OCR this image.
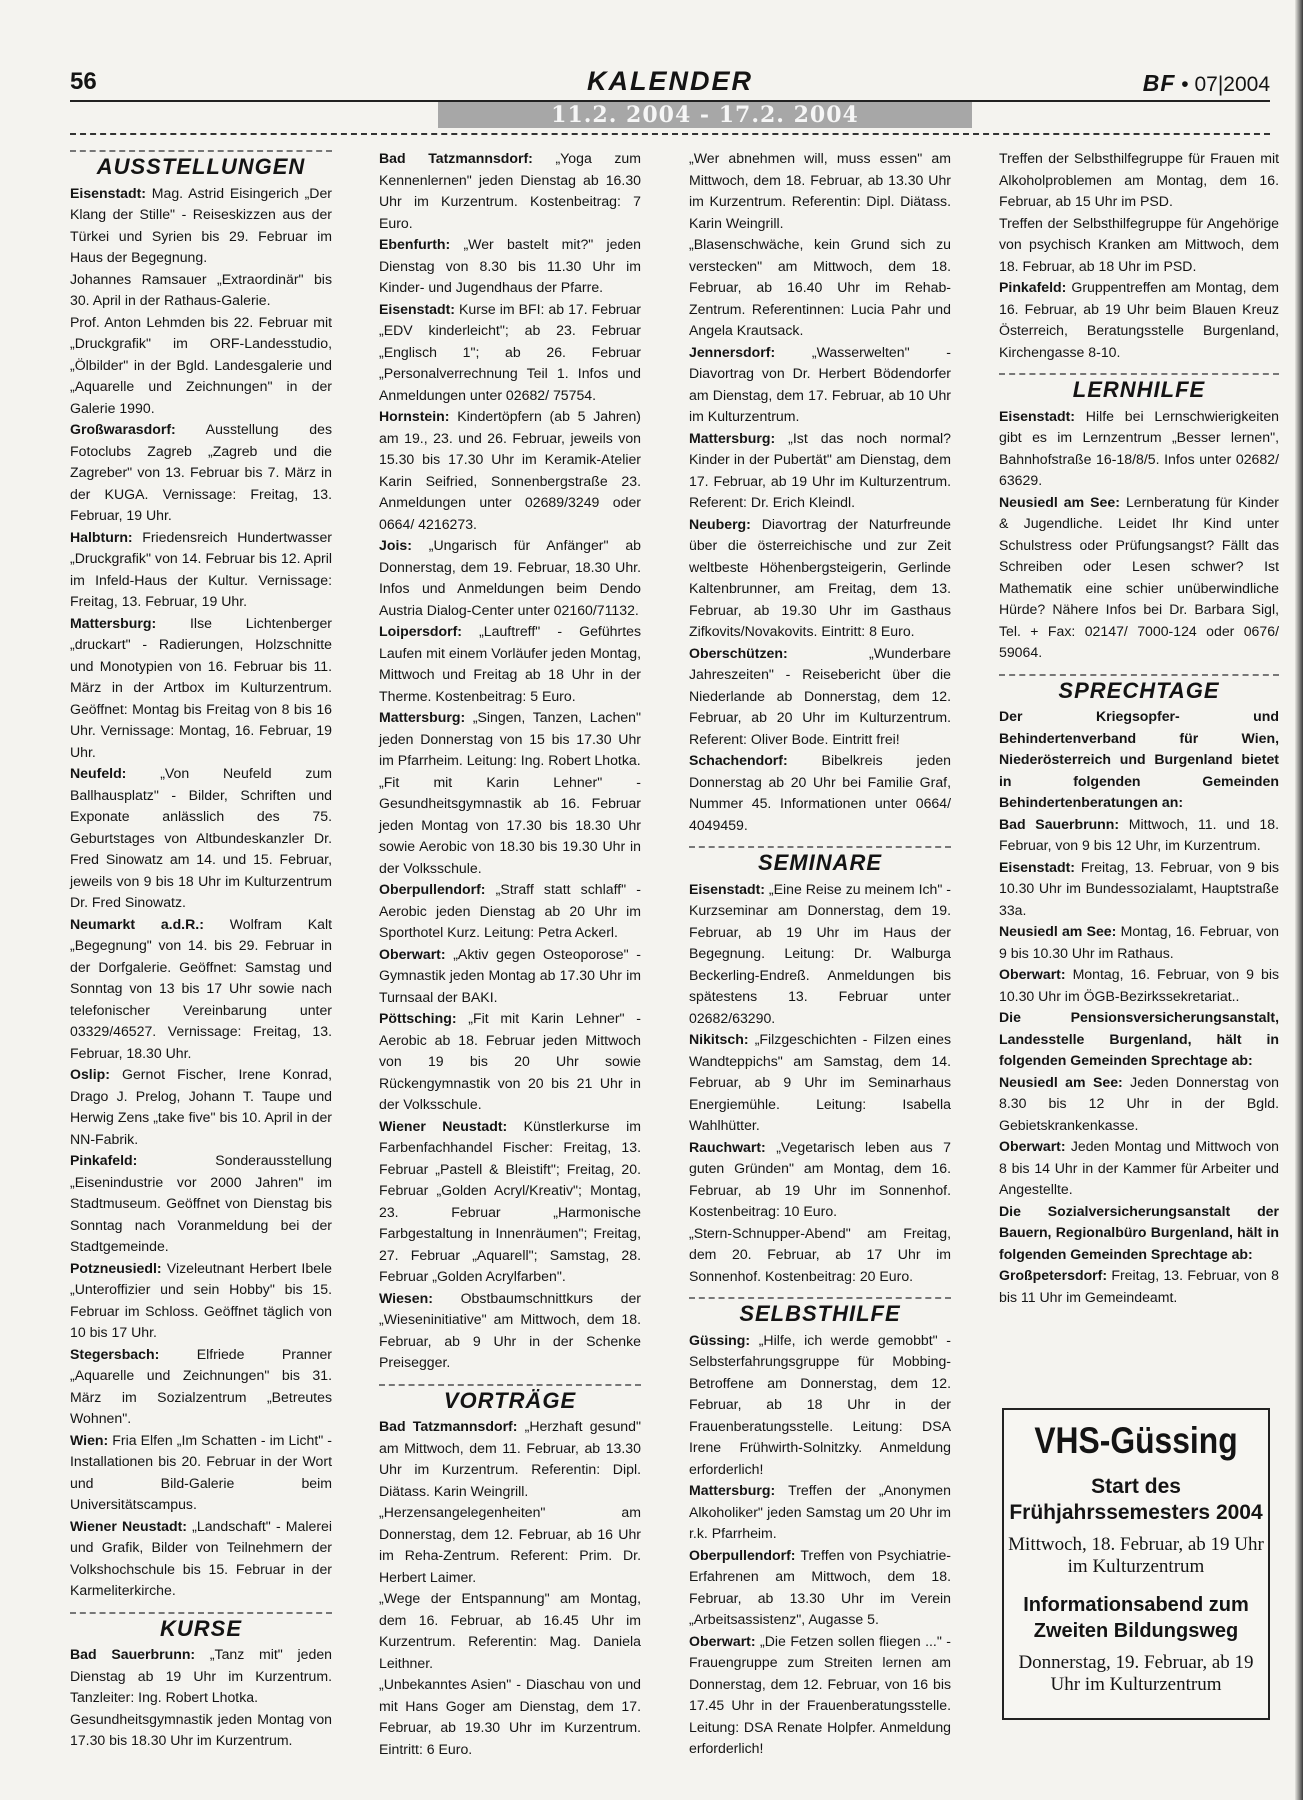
56	KALENDER	BF • 07|2004
11.2. 2004 - 17.2. 2004
AUSSTELLUNGEN

Eisenstadt: Mag. Astrid Eisingerich „Der Klang der Stille" - Reiseskizzen aus der Türkei und Syrien bis 29. Februar im Haus der Begegnung.

Johannes Ramsauer „Extraordinär" bis 30. April in der Rathaus-Galerie.

Prof. Anton Lehmden bis 22. Februar mit „Druckgrafik" im ORF-Landesstudio, „Ölbilder" in der Bgld. Landesgalerie und „Aquarelle und Zeichnungen" in der Galerie 1990.

Großwarasdorf: Ausstellung des Fotoclubs Zagreb „Zagreb und die Zagreber" von 13. Februar bis 7. März in der KUGA. Vernissage: Freitag, 13. Februar, 19 Uhr.

Halbturn: Friedensreich Hundertwasser „Druckgrafik" von 14. Februar bis 12. April im Infeld-Haus der Kultur. Vernissage: Freitag, 13. Februar, 19 Uhr.

Mattersburg: Ilse Lichtenberger „druckart" - Radierungen, Holzschnitte und Monotypien von 16. Februar bis 11. März in der Artbox im Kulturzentrum. Geöffnet: Montag bis Freitag von 8 bis 16 Uhr. Vernissage: Montag, 16. Februar, 19 Uhr.

Neufeld: „Von Neufeld zum Ballhausplatz" - Bilder, Schriften und Exponate anlässlich des 75. Geburtstages von Altbundeskanzler Dr. Fred Sinowatz am 14. und 15. Februar, jeweils von 9 bis 18 Uhr im Kulturzentrum Dr. Fred Sinowatz.

Neumarkt a.d.R.: Wolfram Kalt „Begegnung" von 14. bis 29. Februar in der Dorfgalerie. Geöffnet: Samstag und Sonntag von 13 bis 17 Uhr sowie nach telefonischer Vereinbarung unter 03329/46527. Vernissage: Freitag, 13. Februar, 18.30 Uhr.

Oslip: Gernot Fischer, Irene Konrad, Drago J. Prelog, Johann T. Taupe und Herwig Zens „take five" bis 10. April in der NN-Fabrik.

Pinkafeld:	Sonderausstellung „Eisenindustrie vor 2000 Jahren" im Stadtmuseum. Geöffnet von Dienstag bis Sonntag nach Voranmeldung bei der Stadtgemeinde.

Potzneusiedl: Vizeleutnant Herbert Ibele „Unteroffizier und sein Hobby" bis 15. Februar im Schloss. Geöffnet täglich von 10 bis 17 Uhr.

Stegersbach:	Elfriede Pranner „Aquarelle und Zeichnungen" bis 31. März im Sozialzentrum „Betreutes Wohnen".

Wien: Fria Elfen „Im Schatten - im Licht" - Installationen bis 20. Februar in der Wort und Bild-Galerie beim Universitätscampus.

Wiener Neustadt: „Landschaft" - Malerei und Grafik, Bilder von Teilnehmern der Volkshochschule bis 15. Februar in der Karmeliterkirche.

KURSE

Bad Sauerbrunn: „Tanz mit" jeden Dienstag ab 19 Uhr im Kurzentrum. Tanzleiter: Ing. Robert Lhotka.

Gesundheitsgymnastik jeden Montag von 17.30 bis 18.30 Uhr im Kurzentrum.

Bad Tatzmannsdorf: „Yoga zum Kennenlernen" jeden Dienstag ab 16.30 Uhr im Kurzentrum. Kostenbeitrag: 7 Euro.

Ebenfurth: „Wer bastelt mit?" jeden Dienstag von 8.30 bis 11.30 Uhr im Kinder- und Jugendhaus der Pfarre.

Eisenstadt: Kurse im BFI: ab 17. Februar „EDV kinderleicht"; ab 23. Februar „Englisch 1"; ab 26. Februar „Personalverrechnung Teil 1. Infos und Anmeldungen unter 02682/ 75754.

Hornstein: Kindertöpfern (ab 5 Jahren) am 19., 23. und 26. Februar, jeweils von 15.30 bis 17.30 Uhr im Keramik-Atelier Karin Seifried, Sonnenbergstraße 23. Anmeldungen unter 02689/3249 oder 0664/ 4216273.

Jois: „Ungarisch für Anfänger" ab Donnerstag, dem 19. Februar, 18.30 Uhr. Infos und Anmeldungen beim Dendo Austria Dialog-Center unter 02160/71132.

Loipersdorf: „Lauftreff" - Geführtes Laufen mit einem Vorläufer jeden Montag, Mittwoch und Freitag ab 18 Uhr in der Therme. Kostenbeitrag: 5 Euro.

Mattersburg: „Singen, Tanzen, Lachen" jeden Donnerstag von 15 bis 17.30 Uhr im Pfarrheim. Leitung: Ing. Robert Lhotka.

„Fit mit Karin Lehner" - Gesundheitsgymnastik ab 16. Februar jeden Montag von 17.30 bis 18.30 Uhr sowie Aerobic von 18.30 bis 19.30 Uhr in der Volksschule.

Oberpullendorf: „Straff statt schlaff" - Aerobic jeden Dienstag ab 20 Uhr im Sporthotel Kurz. Leitung: Petra Ackerl.

Oberwart: „Aktiv gegen Osteoporose" - Gymnastik jeden Montag ab 17.30 Uhr im Turnsaal der BAKI.

Pöttsching: „Fit mit Karin Lehner" - Aerobic ab 18. Februar jeden Mittwoch von 19 bis 20 Uhr sowie Rückengymnastik von 20 bis 21 Uhr in der Volksschule.

Wiener Neustadt: Künstlerkurse im Farbenfachhandel Fischer: Freitag, 13. Februar „Pastell & Bleistift"; Freitag, 20. Februar „Golden Acryl/Kreativ"; Montag, 23. Februar „Harmonische Farbgestaltung in Innenräumen"; Freitag, 27. Februar „Aquarell"; Samstag, 28. Februar „Golden Acrylfarben".

Wiesen: Obstbaumschnittkurs der „Wieseninitiative" am Mittwoch, dem 18. Februar, ab 9 Uhr in der Schenke Preisegger.

VORTRÄGE

Bad Tatzmannsdorf: „Herzhaft gesund" am Mittwoch, dem 11. Februar, ab 13.30 Uhr im Kurzentrum. Referentin: Dipl. Diätass. Karin Weingrill.

„Herzensangelegenheiten" am Donnerstag, dem 12. Februar, ab 16 Uhr im Reha-Zentrum. Referent: Prim. Dr. Herbert Laimer.

„Wege der Entspannung" am Montag, dem 16. Februar, ab 16.45 Uhr im Kurzentrum. Referentin: Mag. Daniela Leithner.

„Unbekanntes Asien" - Diaschau von und mit Hans Goger am Dienstag, dem 17. Februar, ab 19.30 Uhr im Kurzentrum. Eintritt: 6 Euro.

„Wer abnehmen will, muss essen" am Mittwoch, dem 18. Februar, ab 13.30 Uhr im Kurzentrum. Referentin: Dipl. Diätass. Karin Weingrill.

„Blasenschwäche, kein Grund sich zu verstecken" am Mittwoch, dem 18. Februar, ab 16.40 Uhr im Rehab-Zentrum. Referentinnen: Lucia Pahr und Angela Krautsack.

Jennersdorf:	„Wasserwelten" - Diavortrag von Dr. Herbert Bödendorfer am Dienstag, dem 17. Februar, ab 10 Uhr im Kulturzentrum.

Mattersburg: „Ist das noch normal? Kinder in der Pubertät" am Dienstag, dem 17. Februar, ab 19 Uhr im Kulturzentrum. Referent: Dr. Erich Kleindl.

Neuberg: Diavortrag der Naturfreunde über die österreichische und zur Zeit weltbeste Höhenbergsteigerin, Gerlinde Kaltenbrunner, am Freitag, dem 13. Februar, ab 19.30 Uhr im Gasthaus Zifkovits/Novakovits. Eintritt: 8 Euro.

Oberschützen:	„Wunderbare Jahreszeiten" - Reisebericht über die Niederlande ab Donnerstag, dem 12. Februar, ab 20 Uhr im Kulturzentrum. Referent: Oliver Bode. Eintritt frei!

Schachendorf: Bibelkreis jeden Donnerstag ab 20 Uhr bei Familie Graf, Nummer 45. Informationen unter 0664/ 4049459.

SEMINARE

Eisenstadt: „Eine Reise zu meinem Ich" - Kurzseminar am Donnerstag, dem 19. Februar, ab 19 Uhr im Haus der Begegnung. Leitung: Dr. Walburga Beckerling-Endreß. Anmeldungen bis spätestens 13. Februar unter 02682/63290.

Nikitsch: „Filzgeschichten - Filzen eines Wandteppichs" am Samstag, dem 14. Februar, ab 9 Uhr im Seminarhaus Energiemühle. Leitung: Isabella Wahlhütter.

Rauchwart: „Vegetarisch leben aus 7 guten Gründen" am Montag, dem 16. Februar, ab 19 Uhr im Sonnenhof. Kostenbeitrag: 10 Euro.

„Stern-Schnupper-Abend" am Freitag, dem 20. Februar, ab 17 Uhr im Sonnenhof. Kostenbeitrag: 20 Euro.

SELBSTHILFE

Güssing: „Hilfe, ich werde gemobbt" - Selbsterfahrungsgruppe für Mobbing-Betroffene am Donnerstag, dem 12. Februar, ab 18 Uhr in der Frauenberatungsstelle. Leitung: DSA Irene Frühwirth-Solnitzky. Anmeldung erforderlich!

Mattersburg: Treffen der „Anonymen Alkoholiker" jeden Samstag um 20 Uhr im r.k. Pfarrheim.

Oberpullendorf: Treffen von Psychiatrie-Erfahrenen am Mittwoch, dem 18. Februar, ab 13.30 Uhr im Verein „Arbeitsassistenz", Augasse 5.

Oberwart: „Die Fetzen sollen fliegen ..." - Frauengruppe zum Streiten lernen am Donnerstag, dem 12. Februar, von 16 bis 17.45 Uhr in der Frauenberatungsstelle. Leitung: DSA Renate Holpfer. Anmeldung erforderlich!

Treffen der Selbsthilfegruppe für Frauen mit Alkoholproblemen am Montag, dem 16. Februar, ab 15 Uhr im PSD.

Treffen der Selbsthilfegruppe für Angehörige von psychisch Kranken am Mittwoch, dem 18. Februar, ab 18 Uhr im PSD.

Pinkafeld: Gruppentreffen am Montag, dem 16. Februar, ab 19 Uhr beim Blauen Kreuz Österreich, Beratungsstelle Burgenland, Kirchengasse 8-10.

LERNHILFE

Eisenstadt: Hilfe bei Lernschwierigkeiten gibt es im Lernzentrum „Besser lernen", Bahnhofstraße 16-18/8/5. Infos unter 02682/ 63629.

Neusiedl am See: Lernberatung für Kinder & Jugendliche. Leidet Ihr Kind unter Schulstress oder Prüfungsangst? Fällt das Schreiben oder Lesen schwer? Ist Mathematik eine schier unüberwindliche Hürde? Nähere Infos bei Dr. Barbara Sigl, Tel. + Fax: 02147/ 7000-124 oder 0676/ 59064.

SPRECHTAGE

Der Kriegsopfer- und Behindertenverband für Wien, Niederösterreich und Burgenland bietet in folgenden Gemeinden Behindertenberatungen an:

Bad Sauerbrunn: Mittwoch, 11. und 18. Februar, von 9 bis 12 Uhr, im Kurzentrum.

Eisenstadt: Freitag, 13. Februar, von 9 bis 10.30 Uhr im Bundessozialamt, Hauptstraße 33a.

Neusiedl am See: Montag, 16. Februar, von 9 bis 10.30 Uhr im Rathaus.

Oberwart: Montag, 16. Februar, von 9 bis 10.30 Uhr im ÖGB-Bezirkssekretariat..

Die Pensionsversicherungsanstalt, Landesstelle Burgenland, hält in folgenden Gemeinden Sprechtage ab:

Neusiedl am See: Jeden Donnerstag von 8.30 bis 12 Uhr in der Bgld. Gebietskrankenkasse.

Oberwart: Jeden Montag und Mittwoch von 8 bis 14 Uhr in der Kammer für Arbeiter und Angestellte.

Die Sozialversicherungsanstalt der Bauern, Regionalbüro Burgenland, hält in folgenden Gemeinden Sprechtage ab:

Großpetersdorf: Freitag, 13. Februar, von 8 bis 11 Uhr im Gemeindeamt.

VHS-Güssing
Start des Frühjahrssemesters 2004
Mittwoch, 18. Februar, ab 19 Uhr im Kulturzentrum
Informationsabend zum Zweiten Bildungsweg
Donnerstag, 19. Februar, ab 19 Uhr im Kulturzentrum
